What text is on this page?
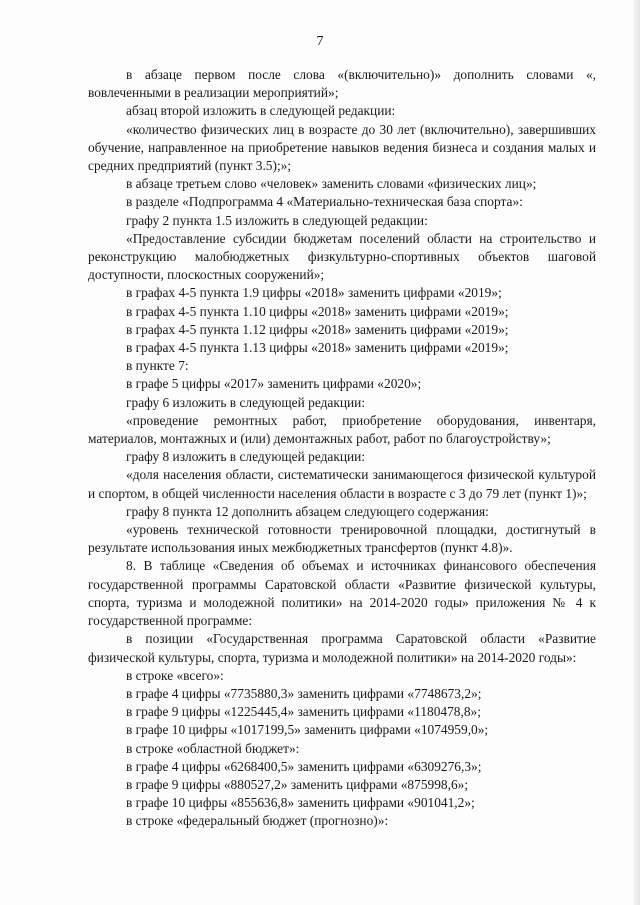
7

в абзаце первом после слова «(включительно)» дополнить словами «, вовлеченными в реализации мероприятий»;

абзац второй изложить в следующей редакции:

«количество физических лиц в возрасте до 30 лет (включительно), завершивших обучение, направленное на приобретение навыков ведения бизнеса и создания малых и средних предприятий (пункт 3.5);»;

в абзаце третьем слово «человек» заменить словами «физических лиц»;

в разделе «Подпрограмма 4 «Материально-техническая база спорта»:

графу 2 пункта 1.5 изложить в следующей редакции:

«Предоставление субсидии бюджетам поселений области на строительство и реконструкцию малобюджетных физкультурно-спортивных объектов шаговой доступности, плоскостных сооружений»;

в графах 4-5 пункта 1.9 цифры «2018» заменить цифрами «2019»;

в графах 4-5 пункта 1.10 цифры «2018» заменить цифрами «2019»;

в графах 4-5 пункта 1.12 цифры «2018» заменить цифрами «2019»;

в графах 4-5 пункта 1.13 цифры «2018» заменить цифрами «2019»;

в пункте 7:

в графе 5 цифры «2017» заменить цифрами «2020»;

графу 6 изложить в следующей редакции:

«проведение ремонтных работ, приобретение оборудования, инвентаря, материалов, монтажных и (или) демонтажных работ, работ по благоустройству»;

графу 8 изложить в следующей редакции:

«доля населения области, систематически занимающегося физической культурой и спортом, в общей численности населения области в возрасте с 3 до 79 лет (пункт 1)»;

графу 8 пункта 12 дополнить абзацем следующего содержания:

«уровень технической готовности тренировочной площадки, достигнутый в результате использования иных межбюджетных трансфертов (пункт 4.8)».

8. В таблице «Сведения об объемах и источниках финансового обеспечения государственной программы Саратовской области «Развитие физической культуры, спорта, туризма и молодежной политики» на 2014-2020 годы» приложения № 4 к государственной программе:

в позиции «Государственная программа Саратовской области «Развитие физической культуры, спорта, туризма и молодежной политики» на 2014-2020 годы»:

в строке «всего»:

в графе 4 цифры «7735880,3» заменить цифрами «7748673,2»;

в графе 9 цифры «1225445,4» заменить цифрами «1180478,8»;

в графе 10 цифры «1017199,5» заменить цифрами «1074959,0»;

в строке «областной бюджет»:

в графе 4 цифры «6268400,5» заменить цифрами «6309276,3»;

в графе 9 цифры «880527,2» заменить цифрами «875998,6»;

в графе 10 цифры «855636,8» заменить цифрами «901041,2»;

в строке «федеральный бюджет (прогнозно)»:
